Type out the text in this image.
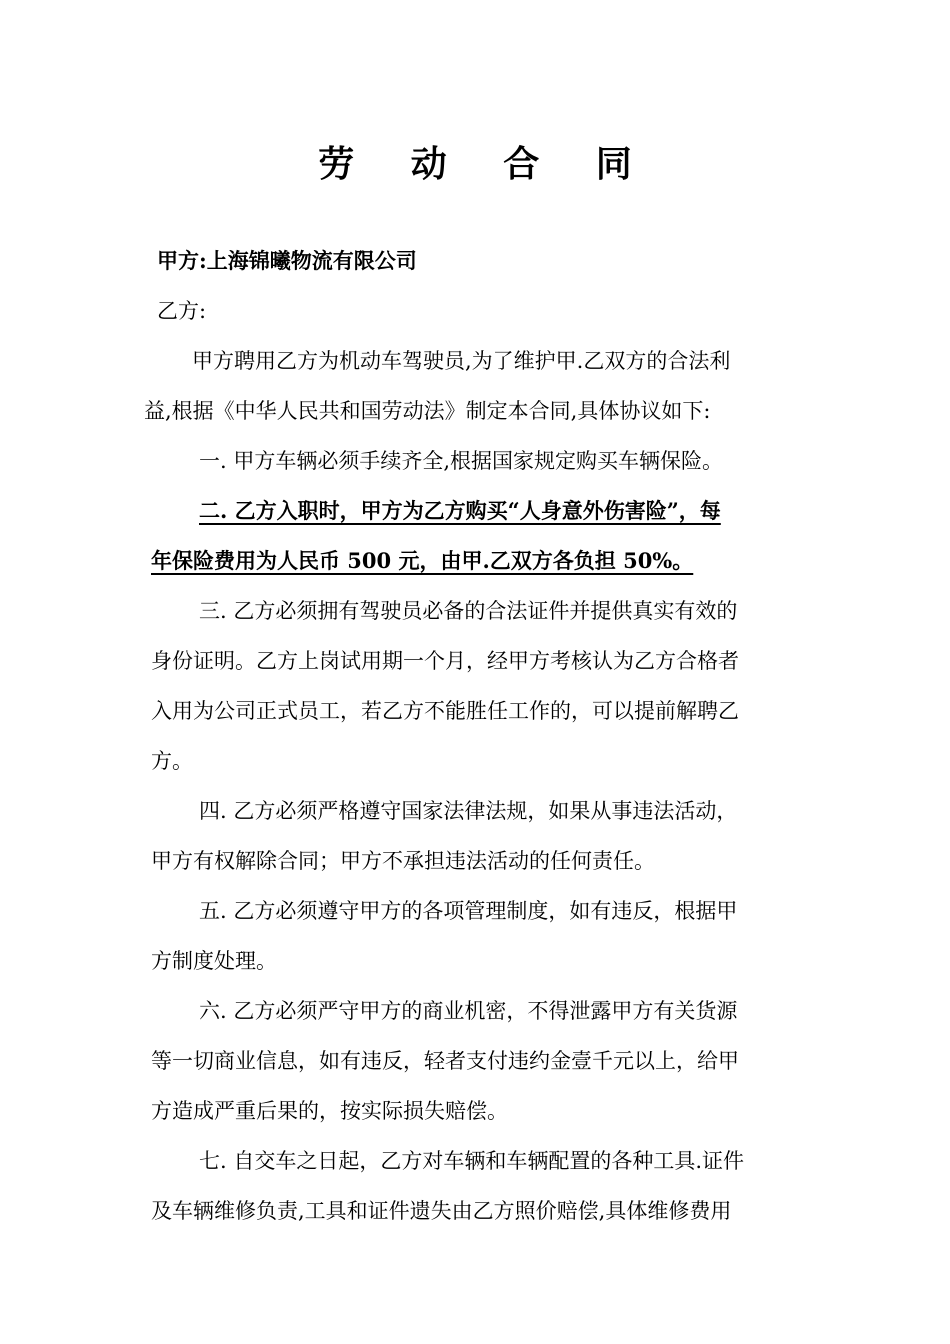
劳 动 合 同
甲方:上海锦曦物流有限公司
乙方:
甲方聘用乙方为机动车驾驶员,为了维护甲.乙双方的合法利
益,根据《中华人民共和国劳动法》制定本合同,具体协议如下:
一. 甲方车辆必须手续齐全,根据国家规定购买车辆保险。
二. 乙方入职时，甲方为乙方购买“人身意外伤害险”，每
年保险费用为人民币 500 元，由甲.乙双方各负担 50%。
三. 乙方必须拥有驾驶员必备的合法证件并提供真实有效的
身份证明。乙方上岗试用期一个月，经甲方考核认为乙方合格者
入用为公司正式员工，若乙方不能胜任工作的，可以提前解聘乙
方。
四. 乙方必须严格遵守国家法律法规，如果从事违法活动，
甲方有权解除合同；甲方不承担违法活动的任何责任。
五. 乙方必须遵守甲方的各项管理制度，如有违反，根据甲
方制度处理。
六. 乙方必须严守甲方的商业机密，不得泄露甲方有关货源
等一切商业信息，如有违反，轻者支付违约金壹千元以上，给甲
方造成严重后果的，按实际损失赔偿。
七. 自交车之日起，乙方对车辆和车辆配置的各种工具.证件
及车辆维修负责,工具和证件遗失由乙方照价赔偿,具体维修费用
